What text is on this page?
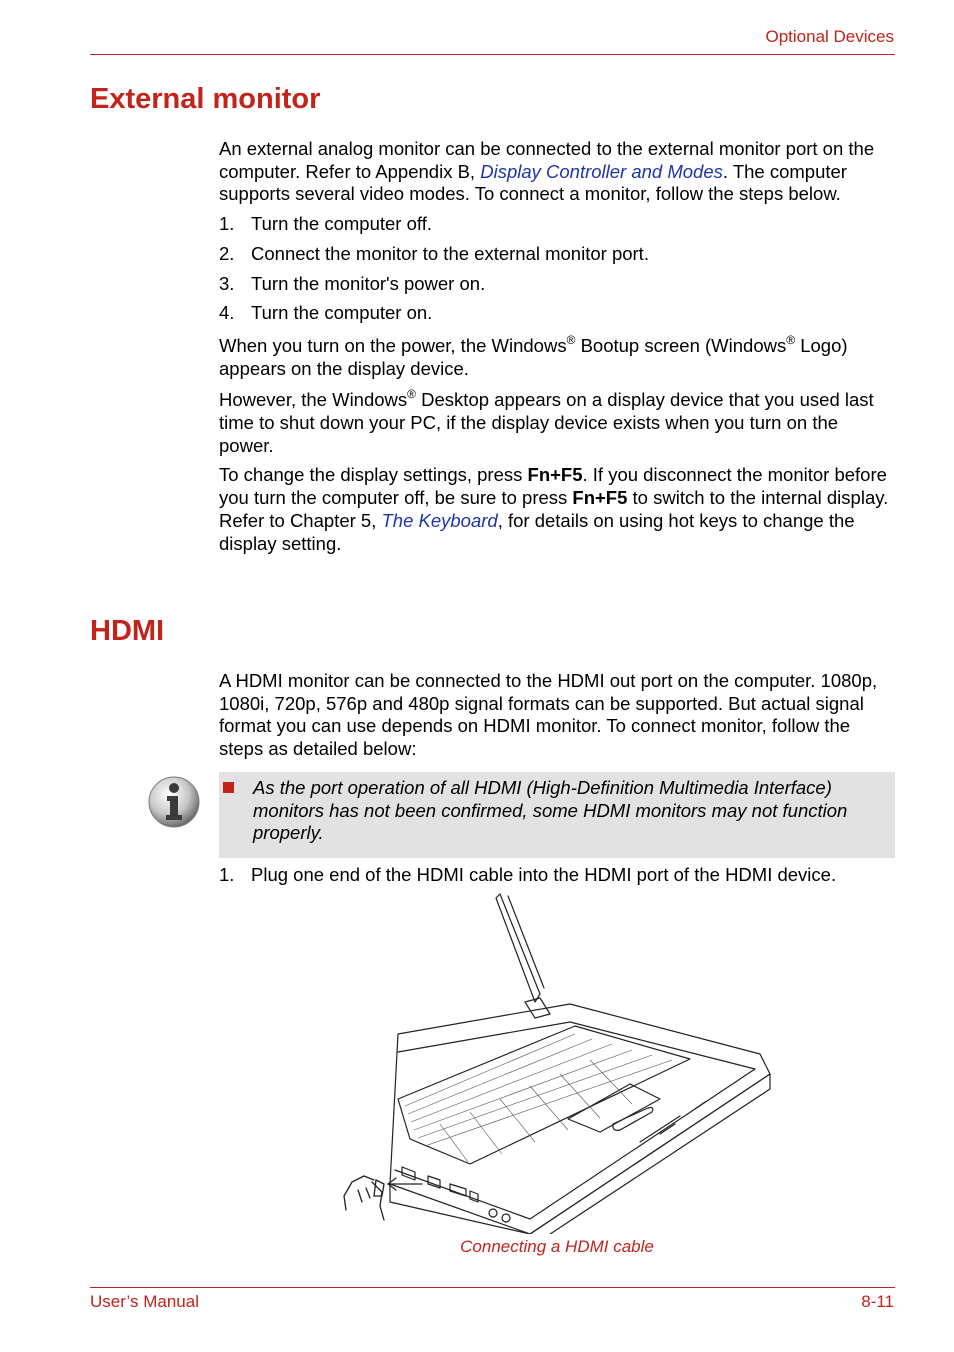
Optional Devices
External monitor

An external analog monitor can be connected to the external monitor port on the computer. Refer to Appendix B, Display Controller and Modes. The computer supports several video modes. To connect a monitor, follow the steps below.

1. Turn the computer off.
2. Connect the monitor to the external monitor port.
3. Turn the monitor's power on.
4. Turn the computer on.

When you turn on the power, the Windows® Bootup screen (Windows® Logo) appears on the display device.

However, the Windows® Desktop appears on a display device that you used last time to shut down your PC, if the display device exists when you turn on the power.

To change the display settings, press Fn+F5. If you disconnect the monitor before you turn the computer off, be sure to press Fn+F5 to switch to the internal display. Refer to Chapter 5, The Keyboard, for details on using hot keys to change the display setting.

HDMI

A HDMI monitor can be connected to the HDMI out port on the computer. 1080p, 1080i, 720p, 576p and 480p signal formats can be supported. But actual signal format you can use depends on HDMI monitor. To connect monitor, follow the steps as detailed below:

As the port operation of all HDMI (High-Definition Multimedia Interface) monitors has not been confirmed, some HDMI monitors may not function properly.
1. Plug one end of the HDMI cable into the HDMI port of the HDMI device.
Connecting a HDMI cable
User’s Manual	8-11
